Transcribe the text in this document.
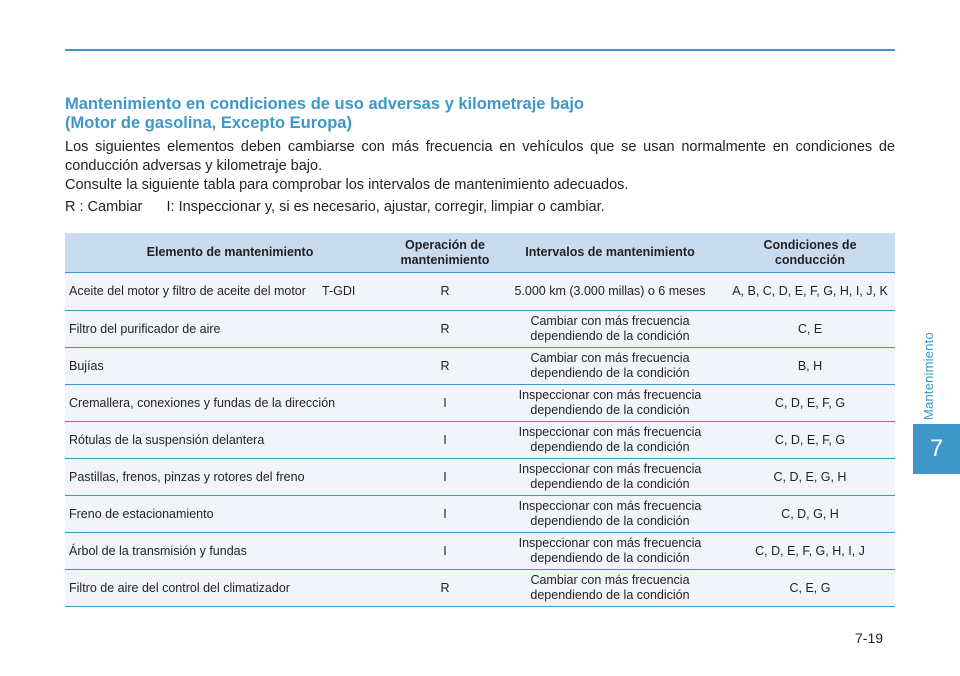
Mantenimiento
7
Mantenimiento en condiciones de uso adversas y kilometraje bajo
(Motor de gasolina, Excepto Europa)
Los siguientes elementos deben cambiarse con más frecuencia en vehículos que se usan normalmente en condiciones de conducción adversas y kilometraje bajo.
Consulte la siguiente tabla para comprobar los intervalos de mantenimiento adecuados.
R : Cambiar      I: Inspeccionar y, si es necesario, ajustar, corregir, limpiar o cambiar.
Elemento de mantenimiento		Operación de mantenimiento	Intervalos de mantenimiento	Condiciones de conducción
Aceite del motor y filtro de aceite del motor	T-GDI	R	5.000 km (3.000 millas) o 6 meses	A, B, C, D, E, F, G, H, I, J, K
Filtro del purificador de aire		R	Cambiar con más frecuencia dependiendo de la condición	C, E
Bujías		R	Cambiar con más frecuencia dependiendo de la condición	B, H
Cremallera, conexiones y fundas de la dirección		I	Inspeccionar con más frecuencia dependiendo de la condición	C, D, E, F, G
Rótulas de la suspensión delantera		I	Inspeccionar con más frecuencia dependiendo de la condición	C, D, E, F, G
Pastillas, frenos, pinzas y rotores del freno		I	Inspeccionar con más frecuencia dependiendo de la condición	C, D, E, G, H
Freno de estacionamiento		I	Inspeccionar con más frecuencia dependiendo de la condición	C, D, G, H
Árbol de la transmisión y fundas		I	Inspeccionar con más frecuencia dependiendo de la condición	C, D, E, F, G, H, I, J
Filtro de aire del control del climatizador		R	Cambiar con más frecuencia dependiendo de la condición	C, E, G
7-19
